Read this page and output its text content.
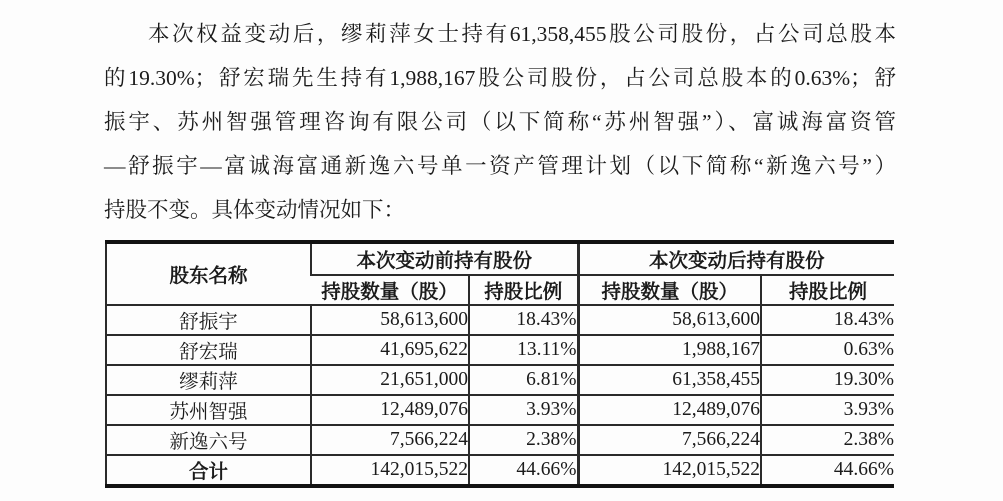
本次权益变动后，缪莉萍女士持有61,358,455股公司股份，占公司总股本
的19.30%；舒宏瑞先生持有1,988,167股公司股份，占公司总股本的0.63%；舒
振宇、苏州智强管理咨询有限公司（以下简称“苏州智强”）、富诚海富资管
—舒振宇—富诚海富通新逸六号单一资产管理计划（以下简称“新逸六号”）
持股不变。具体变动情况如下：
股东名称	本次变动前持有股份		本次变动后持有股份	
	持股数量（股）	持股比例	持股数量（股）	持股比例
舒振宇	58,613,600	18.43%	58,613,600	18.43%
舒宏瑞	41,695,622	13.11%	1,988,167	0.63%
缪莉萍	21,651,000	6.81%	61,358,455	19.30%
苏州智强	12,489,076	3.93%	12,489,076	3.93%
新逸六号	7,566,224	2.38%	7,566,224	2.38%
合计	142,015,522	44.66%	142,015,522	44.66%
